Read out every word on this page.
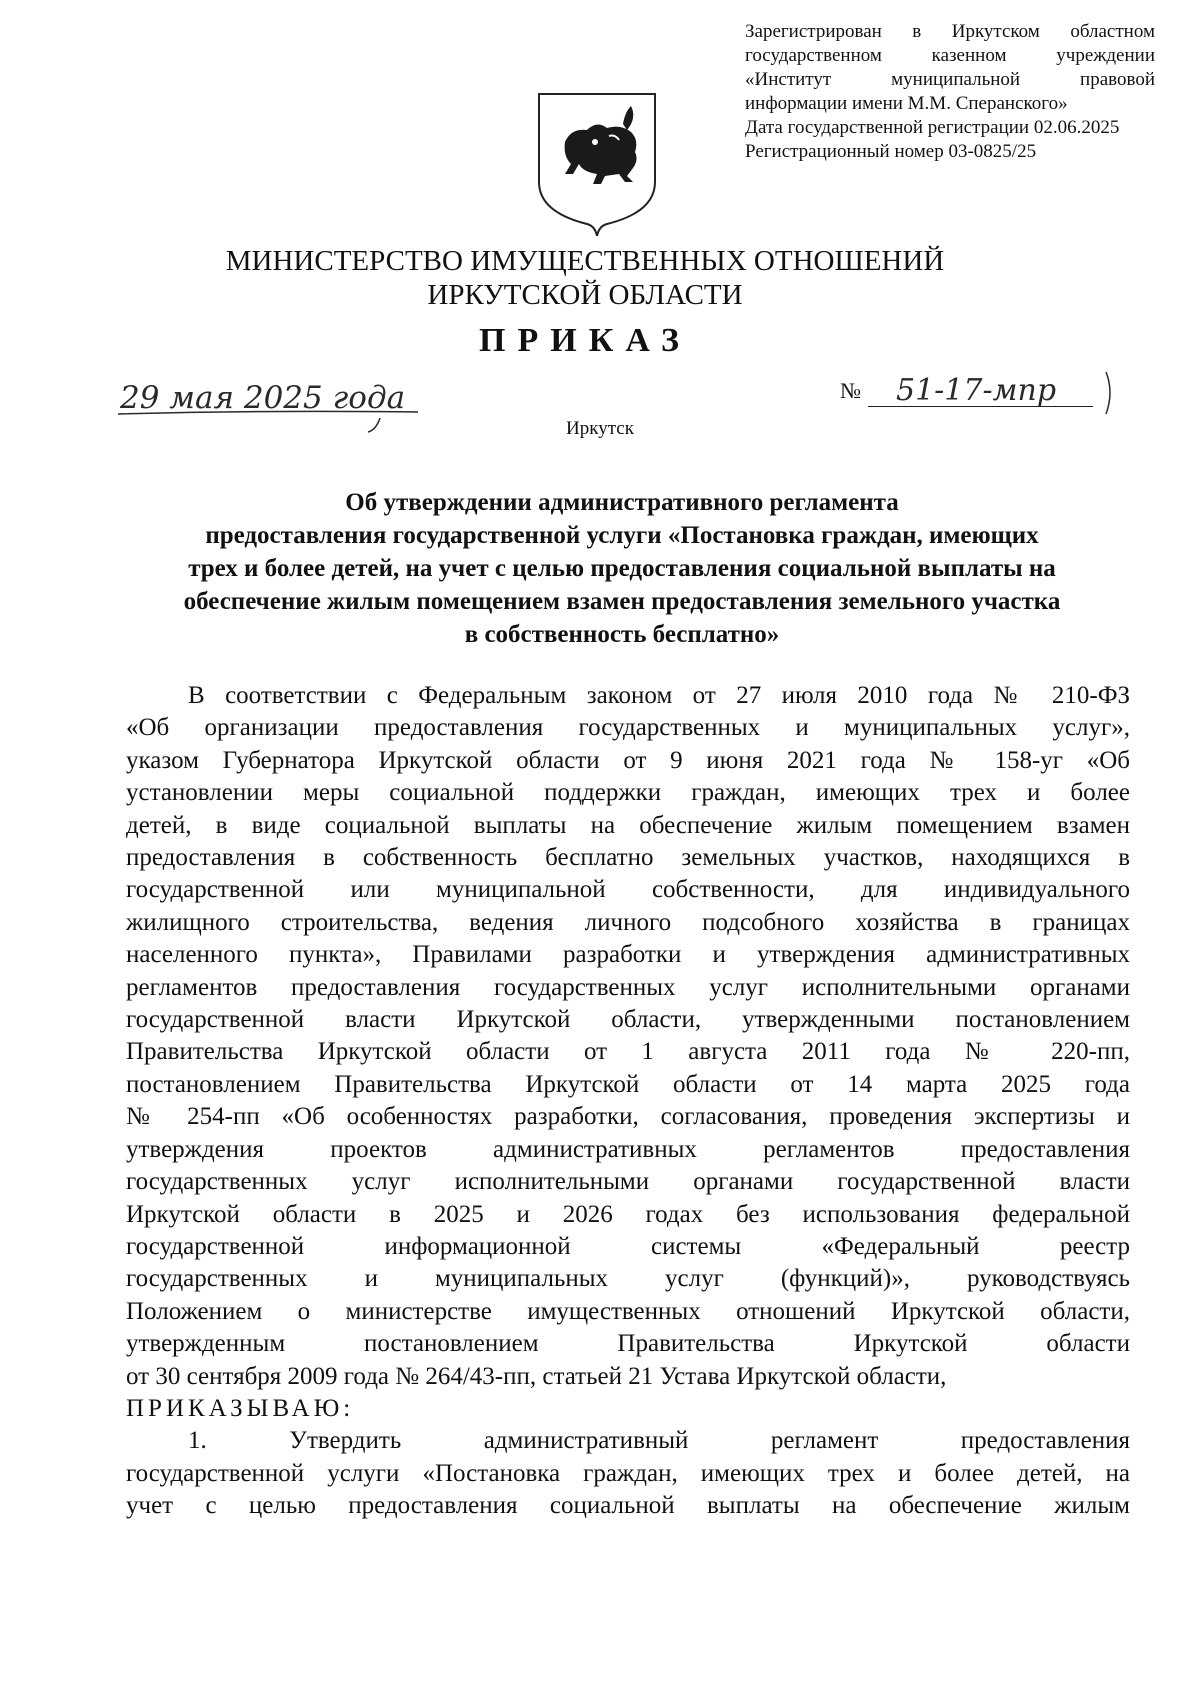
Зарегистрирован в Иркутском областном
государственном казенном учреждении
«Институт муниципальной правовой
информации имени М.М. Сперанского»
Дата государственной регистрации 02.06.2025
Регистрационный номер 03-0825/25
МИНИСТЕРСТВО ИМУЩЕСТВЕННЫХ ОТНОШЕНИЙ
ИРКУТСКОЙ ОБЛАСТИ
ПРИКАЗ
29 мая 2025 года	№ 51-17-мпр
Иркутск
Об утверждении административного регламента
предоставления государственной услуги «Постановка граждан, имеющих
трех и более детей, на учет с целью предоставления социальной выплаты на
обеспечение жилым помещением взамен предоставления земельного участка
в собственность бесплатно»
В соответствии с Федеральным законом от 27 июля 2010 года № 210-ФЗ
«Об организации предоставления государственных и муниципальных услуг»,
указом Губернатора Иркутской области от 9 июня 2021 года № 158-уг «Об
установлении меры социальной поддержки граждан, имеющих трех и более
детей, в виде социальной выплаты на обеспечение жилым помещением взамен
предоставления в собственность бесплатно земельных участков, находящихся в
государственной или муниципальной собственности, для индивидуального
жилищного строительства, ведения личного подсобного хозяйства в границах
населенного пункта», Правилами разработки и утверждения административных
регламентов предоставления государственных услуг исполнительными органами
государственной власти Иркутской области, утвержденными постановлением
Правительства Иркутской области от 1 августа 2011 года № 220-пп,
постановлением Правительства Иркутской области от 14 марта 2025 года
№ 254-пп «Об особенностях разработки, согласования, проведения экспертизы и
утверждения проектов административных регламентов предоставления
государственных услуг исполнительными органами государственной власти
Иркутской области в 2025 и 2026 годах без использования федеральной
государственной информационной системы «Федеральный реестр
государственных и муниципальных услуг (функций)», руководствуясь
Положением о министерстве имущественных отношений Иркутской области,
утвержденным постановлением Правительства Иркутской области
от 30 сентября 2009 года № 264/43-пп, статьей 21 Устава Иркутской области,
ПРИКАЗЫВАЮ:
1. Утвердить административный регламент предоставления
государственной услуги «Постановка граждан, имеющих трех и более детей, на
учет с целью предоставления социальной выплаты на обеспечение жилым
